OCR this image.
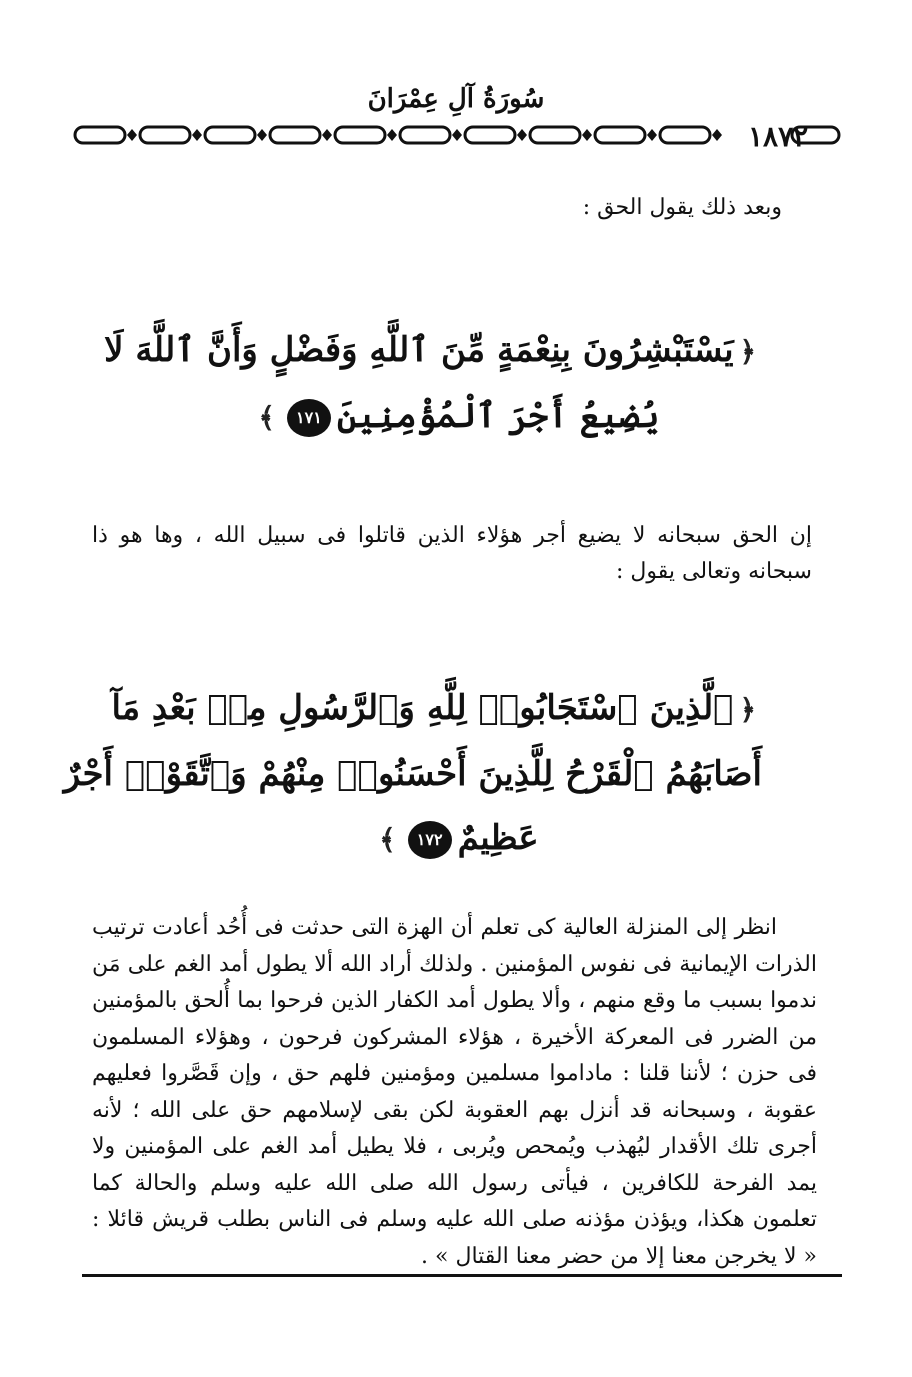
سُورَةُ آلِ عِمْرَانَ
١٨٧٢
وبعد ذلك يقول الحق :
﴿يَسْتَبْشِرُونَ بِنِعْمَةٍ مِّنَ ٱللَّهِ وَفَضْلٍ وَأَنَّ ٱللَّهَ لَا
يُضِيعُ أَجْرَ ٱلْمُؤْمِنِينَ١٧١﴾
إن الحق سبحانه لا يضيع أجر هؤلاء الذين قاتلوا فى سبيل الله ، وها هو ذا سبحانه وتعالى يقول :
﴿ٱلَّذِينَ ٱسْتَجَابُوا۟ لِلَّهِ وَٱلرَّسُولِ مِنۢ بَعْدِ مَآ
أَصَابَهُمُ ٱلْقَرْحُ لِلَّذِينَ أَحْسَنُوا۟ مِنْهُمْ وَٱتَّقَوْا۟ أَجْرٌ
عَظِيمٌ١٧٢﴾
انظر إلى المنزلة العالية كى تعلم أن الهزة التى حدثت فى أُحُد أعادت ترتيب الذرات الإيمانية فى نفوس المؤمنين . ولذلك أراد الله ألا يطول أمد الغم على مَن ندموا بسبب ما وقع منهم ، وألا يطول أمد الكفار الذين فرحوا بما أُلحق بالمؤمنين من الضرر فى المعركة الأخيرة ، هؤلاء المشركون فرحون ، وهؤلاء المسلمون فى حزن ؛ لأننا قلنا : ماداموا مسلمين ومؤمنين فلهم حق ، وإن قَصَّروا فعليهم عقوبة ، وسبحانه قد أنزل بهم العقوبة لكن بقى لإسلامهم حق على الله ؛ لأنه أجرى تلك الأقدار ليُهذب ويُمحص ويُربى ، فلا يطيل أمد الغم على المؤمنين ولا يمد الفرحة للكافرين ، فيأتى رسول الله صلى الله عليه وسلم والحالة كما تعلمون هكذا، ويؤذن مؤذنه صلى الله عليه وسلم فى الناس بطلب قريش قائلا : « لا يخرجن معنا إلا من حضر معنا القتال » .
